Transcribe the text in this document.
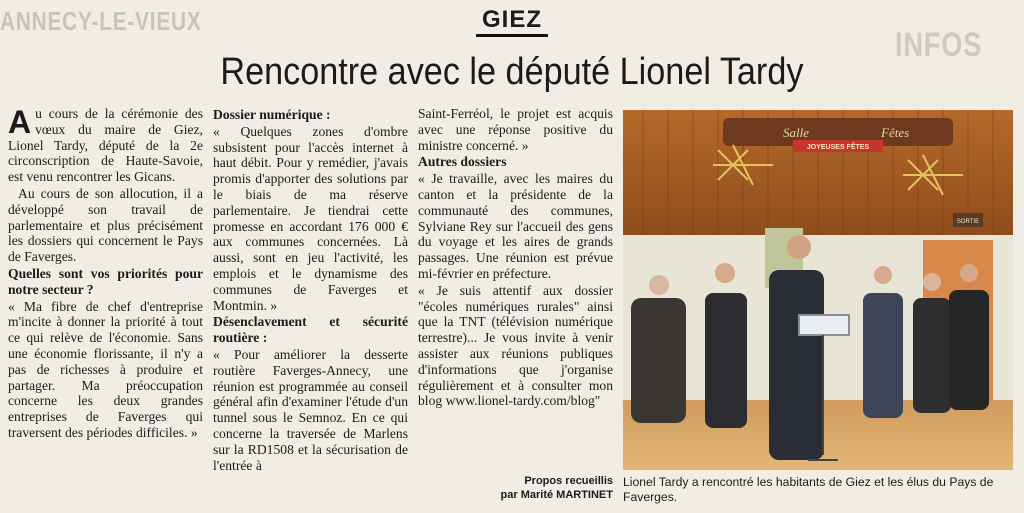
ANNECY-LE-VIEUX
INFOS
GIEZ
Rencontre avec le député Lionel Tardy

Au cours de la cérémonie des vœux du maire de Giez, Lionel Tardy, député de la 2e circonscription de Haute-Savoie, est venu rencontrer les Gicans.

Au cours de son allocution, il a développé son travail de parlementaire et plus précisément les dossiers qui concernent le Pays de Faverges.

Quelles sont vos priorités pour notre secteur ?

« Ma fibre de chef d'entreprise m'incite à donner la priorité à tout ce qui relève de l'économie. Sans une économie florissante, il n'y a pas de richesses à produire et partager. Ma préoccupation concerne les deux grandes entreprises de Faverges qui traversent des périodes difficiles. »

Dossier numérique :

« Quelques zones d'ombre subsistent pour l'accès internet à haut débit. Pour y remédier, j'avais promis d'apporter des solutions par le biais de ma réserve parlementaire. Je tiendrai cette promesse en accordant 176 000 € aux communes concernées. Là aussi, sont en jeu l'activité, les emplois et le dynamisme des communes de Faverges et Montmin. »

Désenclavement et sécurité routière :

« Pour améliorer la desserte routière Faverges-Annecy, une réunion est programmée au conseil général afin d'examiner l'étude d'un tunnel sous le Semnoz. En ce qui concerne la traversée de Marlens sur la RD1508 et la sécurisation de l'entrée à

Saint-Ferréol, le projet est acquis avec une réponse positive du ministre concerné. »

Autres dossiers

« Je travaille, avec les maires du canton et la présidente de la communauté des communes, Sylviane Rey sur l'accueil des gens du voyage et les aires de grands passages. Une réunion est prévue mi-février en préfecture.

« Je suis attentif aux dossier "écoles numériques rurales" ainsi que la TNT (télévision numérique terrestre)... Je vous invite à venir assister aux réunions publiques d'informations que j'organise régulièrement et à consulter mon blog www.lionel-tardy.com/blog"

Propos recueillis
par Marité MARTINET
SORTIE
Salle	Fêtes
JOYEUSES FÊTES
Lionel Tardy a rencontré les habitants de Giez et les élus du Pays de Faverges.
